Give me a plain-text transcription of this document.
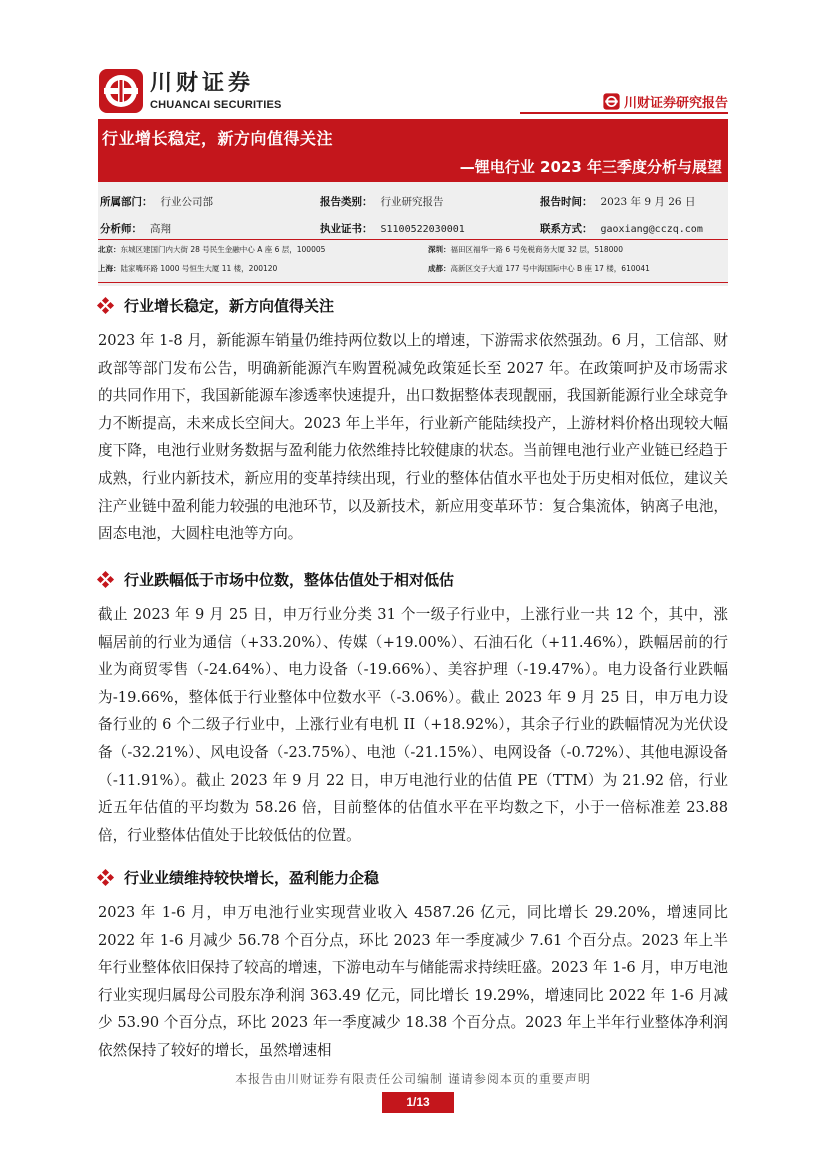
川财证券
CHUANCAI SECURITIES	川财证券研究报告
行业增长稳定，新方向值得关注
—锂电行业 2023 年三季度分析与展望
所属部门： 行业公司部	报告类别： 行业研究报告	报告时间： 2023 年 9 月 26 日
分析师： 高翔	执业证书： S1100522030001	联系方式： gaoxiang@cczq.com
北京：东城区建国门内大街 28 号民生金融中心 A 座 6 层，100005	深圳：福田区福华一路 6 号免税商务大厦 32 层，518000
上海：陆家嘴环路 1000 号恒生大厦 11 楼，200120	成都：高新区交子大道 177 号中海国际中心 B 座 17 楼，610041
行业增长稳定，新方向值得关注

2023 年 1-8 月，新能源车销量仍维持两位数以上的增速，下游需求依然强劲。6 月，工信部、财政部等部门发布公告，明确新能源汽车购置税减免政策延长至 2027 年。在政策呵护及市场需求的共同作用下，我国新能源车渗透率快速提升，出口数据整体表现靓丽，我国新能源行业全球竞争力不断提高，未来成长空间大。2023 年上半年，行业新产能陆续投产，上游材料价格出现较大幅度下降，电池行业财务数据与盈利能力依然维持比较健康的状态。当前锂电池行业产业链已经趋于成熟，行业内新技术，新应用的变革持续出现，行业的整体估值水平也处于历史相对低位，建议关注产业链中盈利能力较强的电池环节，以及新技术，新应用变革环节：复合集流体，钠离子电池，固态电池，大圆柱电池等方向。

行业跌幅低于市场中位数，整体估值处于相对低估

截止 2023 年 9 月 25 日，申万行业分类 31 个一级子行业中，上涨行业一共 12 个，其中，涨幅居前的行业为通信（+33.20%）、传媒（+19.00%）、石油石化（+11.46%），跌幅居前的行业为商贸零售（-24.64%）、电力设备（-19.66%）、美容护理（-19.47%）。电力设备行业跌幅为-19.66%，整体低于行业整体中位数水平（-3.06%）。截止 2023 年 9 月 25 日，申万电力设备行业的 6 个二级子行业中，上涨行业有电机 II（+18.92%），其余子行业的跌幅情况为光伏设备（-32.21%）、风电设备（-23.75%）、电池（-21.15%）、电网设备（-0.72%）、其他电源设备（-11.91%）。截止 2023 年 9 月 22 日，申万电池行业的估值 PE（TTM）为 21.92 倍，行业近五年估值的平均数为 58.26 倍，目前整体的估值水平在平均数之下，小于一倍标准差 23.88 倍，行业整体估值处于比较低估的位置。

行业业绩维持较快增长，盈利能力企稳

2023 年 1-6 月，申万电池行业实现营业收入 4587.26 亿元，同比增长 29.20%，增速同比 2022 年 1-6 月减少 56.78 个百分点，环比 2023 年一季度减少 7.61 个百分点。2023 年上半年行业整体依旧保持了较高的增速，下游电动车与储能需求持续旺盛。2023 年 1-6 月，申万电池行业实现归属母公司股东净利润 363.49 亿元，同比增长 19.29%，增速同比 2022 年 1-6 月减少 53.90 个百分点，环比 2023 年一季度减少 18.38 个百分点。2023 年上半年行业整体净利润依然保持了较好的增长，虽然增速相

本报告由川财证券有限责任公司编制 谨请参阅本页的重要声明
1/13
